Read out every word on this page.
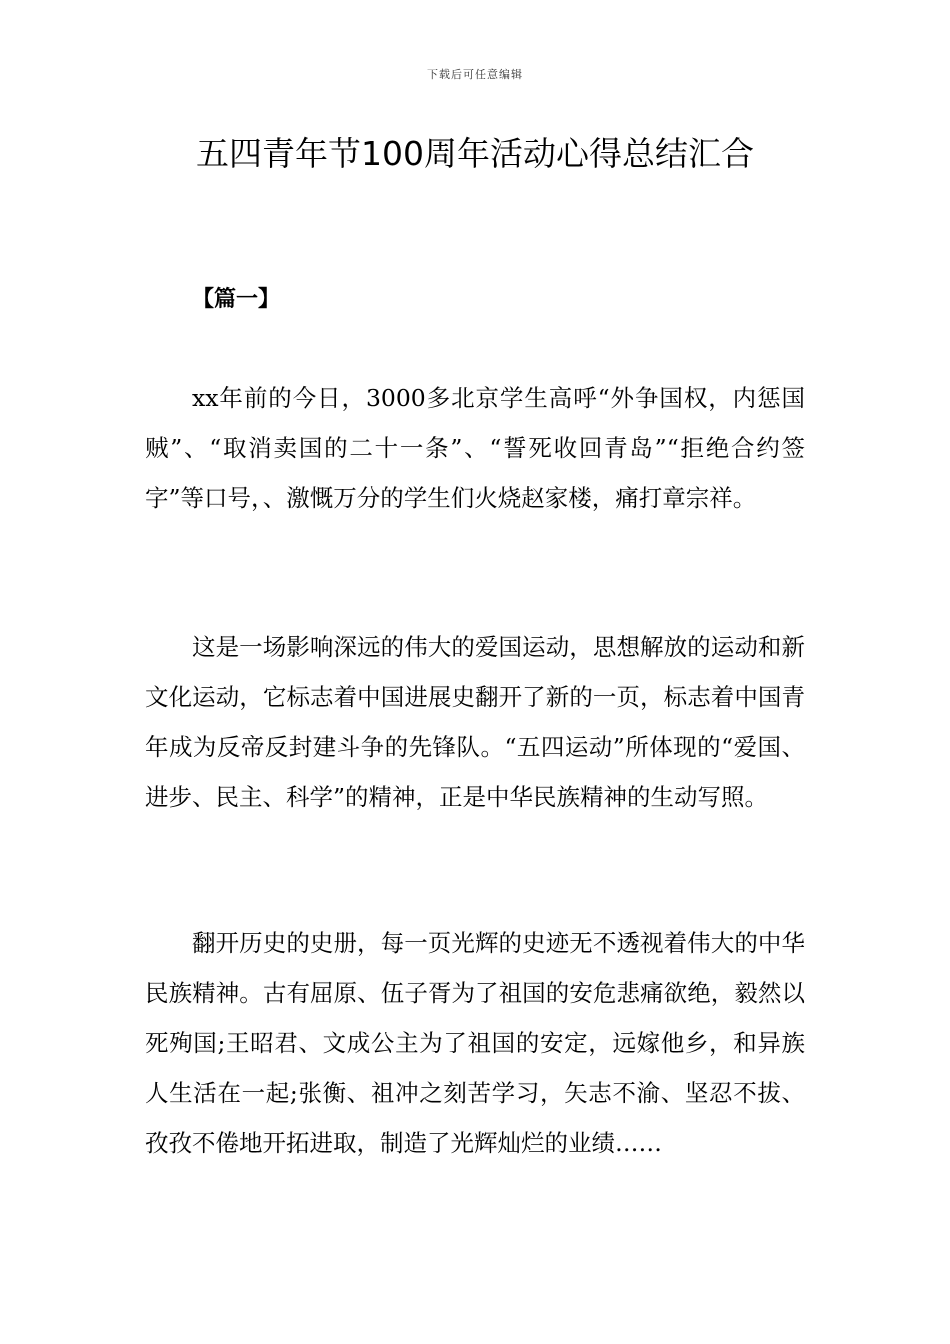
下载后可任意编辑
五四青年节100周年活动心得总结汇合
【篇一】

xx年前的今日，3000多北京学生高呼“外争国权，内惩国贼”、“取消卖国的二十一条”、“誓死收回青岛”“拒绝合约签字”等口号，、激慨万分的学生们火烧赵家楼，痛打章宗祥。

这是一场影响深远的伟大的爱国运动，思想解放的运动和新文化运动，它标志着中国进展史翻开了新的一页，标志着中国青年成为反帝反封建斗争的先锋队。“五四运动”所体现的“爱国、进步、民主、科学”的精神，正是中华民族精神的生动写照。

翻开历史的史册，每一页光辉的史迹无不透视着伟大的中华民族精神。古有屈原、伍子胥为了祖国的安危悲痛欲绝，毅然以死殉国;王昭君、文成公主为了祖国的安定，远嫁他乡，和异族人生活在一起;张衡、祖冲之刻苦学习，矢志不渝、坚忍不拔、孜孜不倦地开拓进取，制造了光辉灿烂的业绩……
